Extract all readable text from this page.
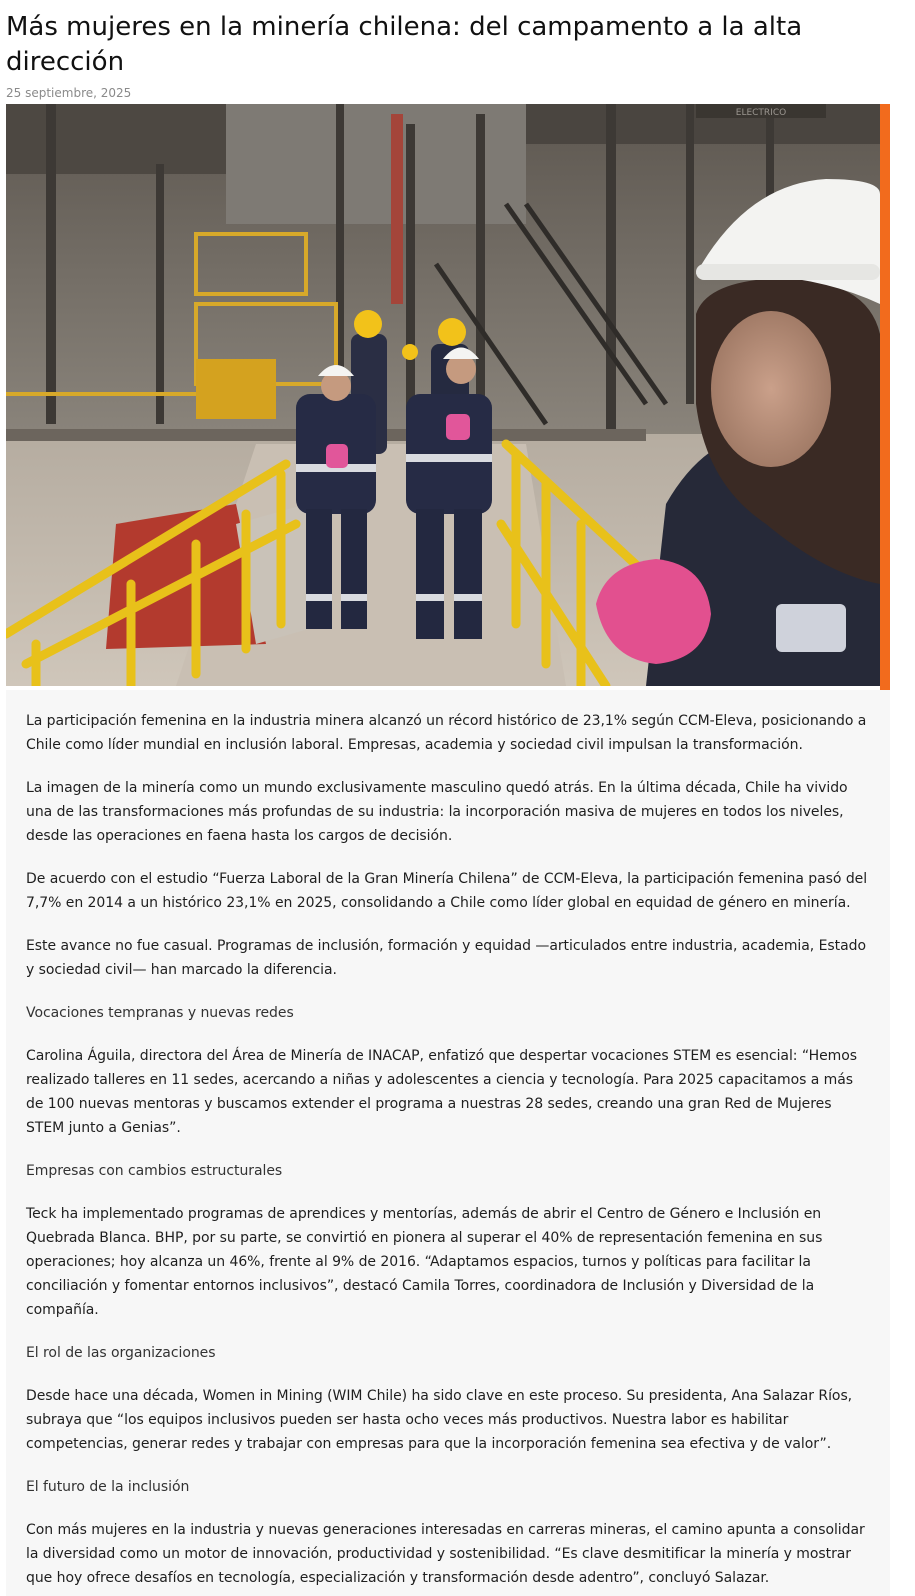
Más mujeres en la minería chilena: del campamento a la alta dirección
25 septiembre, 2025
ELECTRICO

La participación femenina en la industria minera alcanzó un récord histórico de 23,1% según CCM-Eleva, posicionando a Chile como líder mundial en inclusión laboral. Empresas, academia y sociedad civil impulsan la transformación.

La imagen de la minería como un mundo exclusivamente masculino quedó atrás. En la última década, Chile ha vivido una de las transformaciones más profundas de su industria: la incorporación masiva de mujeres en todos los niveles, desde las operaciones en faena hasta los cargos de decisión.

De acuerdo con el estudio “Fuerza Laboral de la Gran Minería Chilena” de CCM-Eleva, la participación femenina pasó del 7,7% en 2014 a un histórico 23,1% en 2025, consolidando a Chile como líder global en equidad de género en minería.

Este avance no fue casual. Programas de inclusión, formación y equidad —articulados entre industria, academia, Estado y sociedad civil— han marcado la diferencia.

Vocaciones tempranas y nuevas redes

Carolina Águila, directora del Área de Minería de INACAP, enfatizó que despertar vocaciones STEM es esencial: “Hemos realizado talleres en 11 sedes, acercando a niñas y adolescentes a ciencia y tecnología. Para 2025 capacitamos a más de 100 nuevas mentoras y buscamos extender el programa a nuestras 28 sedes, creando una gran Red de Mujeres STEM junto a Genias”.

Empresas con cambios estructurales

Teck ha implementado programas de aprendices y mentorías, además de abrir el Centro de Género e Inclusión en Quebrada Blanca. BHP, por su parte, se convirtió en pionera al superar el 40% de representación femenina en sus operaciones; hoy alcanza un 46%, frente al 9% de 2016. “Adaptamos espacios, turnos y políticas para facilitar la conciliación y fomentar entornos inclusivos”, destacó Camila Torres, coordinadora de Inclusión y Diversidad de la compañía.

El rol de las organizaciones

Desde hace una década, Women in Mining (WIM Chile) ha sido clave en este proceso. Su presidenta, Ana Salazar Ríos, subraya que “los equipos inclusivos pueden ser hasta ocho veces más productivos. Nuestra labor es habilitar competencias, generar redes y trabajar con empresas para que la incorporación femenina sea efectiva y de valor”.

El futuro de la inclusión

Con más mujeres en la industria y nuevas generaciones interesadas en carreras mineras, el camino apunta a consolidar la diversidad como un motor de innovación, productividad y sostenibilidad. “Es clave desmitificar la minería y mostrar que hoy ofrece desafíos en tecnología, especialización y transformación desde adentro”, concluyó Salazar.
